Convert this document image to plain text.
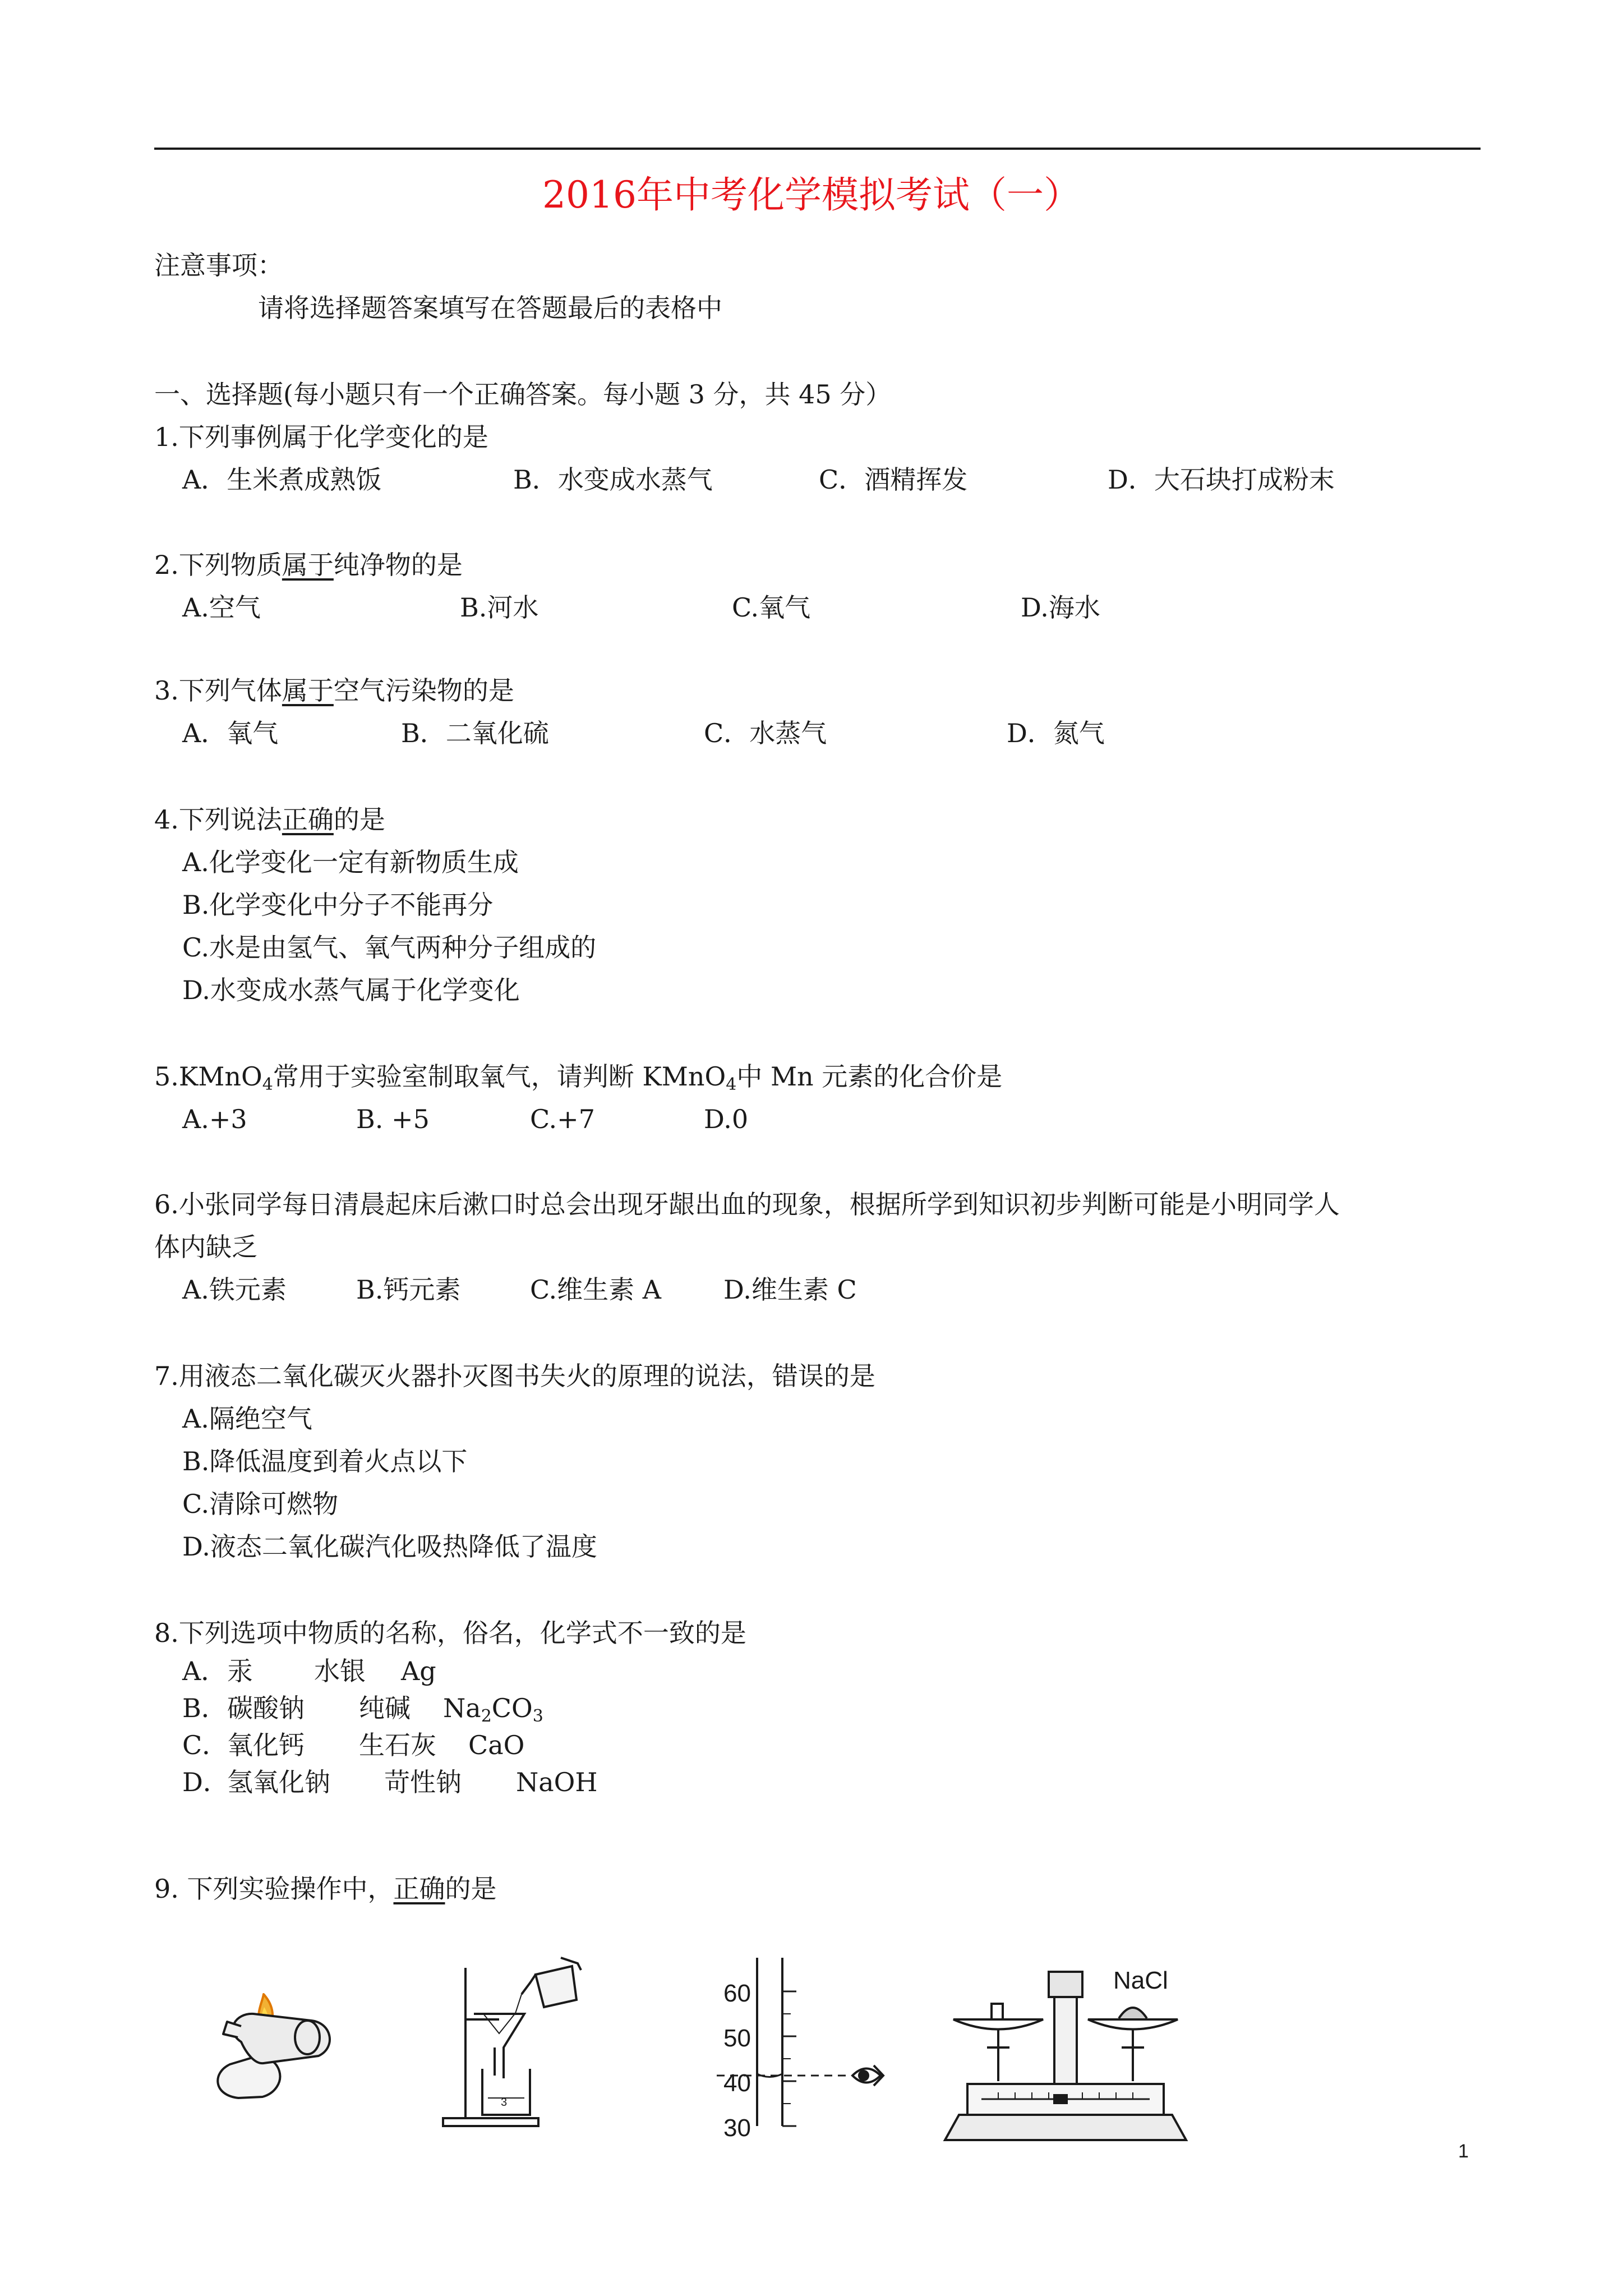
2016年中考化学模拟考试（一）
注意事项：
请将选择题答案填写在答题最后的表格中
一、选择题(每小题只有一个正确答案。每小题 3 分，共 45 分）
1.下列事例属于化学变化的是
A．生米煮成熟饭	B．水变成水蒸气	C．酒精挥发	D．大石块打成粉末
2.下列物质属于纯净物的是
A.空气	B.河水	C.氧气	D.海水
3.下列气体属于空气污染物的是
A．氧气	B．二氧化硫	C．水蒸气	D．氮气
4.下列说法正确的是
A.化学变化一定有新物质生成
B.化学变化中分子不能再分
C.水是由氢气、氧气两种分子组成的
D.水变成水蒸气属于化学变化
5.KMnO$_4$常用于实验室制取氧气，请判断 KMnO$_4$中 Mn 元素的化合价是
A.+3	B. +5	C.+7	D.0
6.小张同学每日清晨起床后漱口时总会出现牙龈出血的现象，根据所学到知识初步判断可能是小明同学人
体内缺乏
A.铁元素	B.钙元素	C.维生素 A D.维生素 C
7.用液态二氧化碳灭火器扑灭图书失火的原理的说法，错误的是
A.隔绝空气
B.降低温度到着火点以下
C.清除可燃物
D.液态二氧化碳汽化吸热降低了温度
8.下列选项中物质的名称，俗名，化学式不一致的是
A． 汞 水银 Ag
B． 碳酸钠 纯碱 $Na_2CO_3$
C．
氧化钙 生石灰 CaO
D．
氢氧化钠 苛性钠 NaOH
9. 下列实验操作中，正确的是
3
60
50
40
30
NaCl
1
